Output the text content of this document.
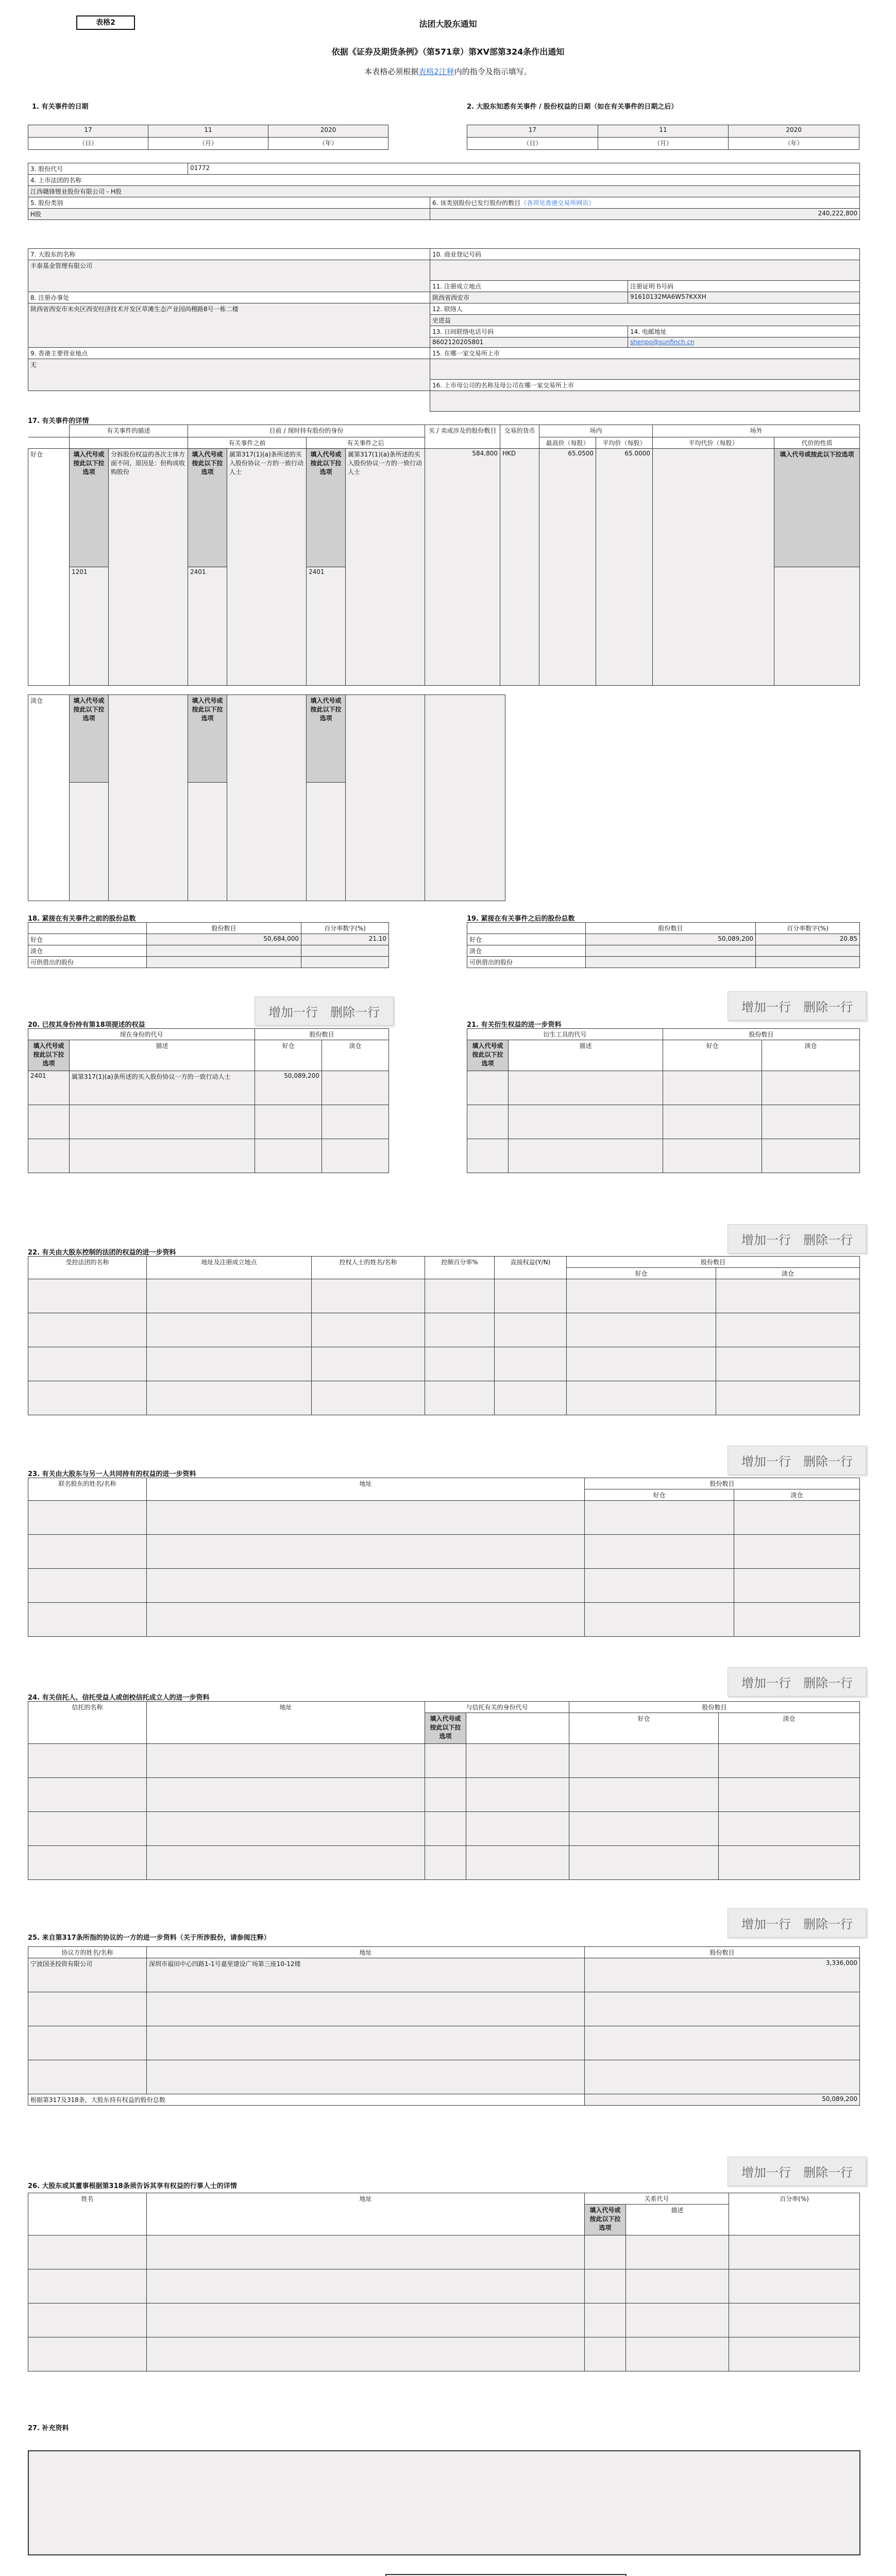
表格2	法团大股东通知
依据《证券及期货条例》（第571章）第XV部第324条作出通知
本表格必须根据表格2注释内的指令及指示填写。
1. 有关事件的日期	2. 大股东知悉有关事件 / 股份权益的日期（如在有关事件的日期之后）
17	11	2020
（日）	（月）	（年）
17	11	2020
（日）	（月）	（年）
3. 股份代号	01772	
4. 上市法团的名称		
江西赣锋锂业股份有限公司 - H股		
5. 股份类别		6. 该类别股份已发行股份的数目（各项见香港交易所网页）
H股		240,222,800
7. 大股东的名称	10. 商业登记号码	
丰泰基金管理有限公司		
	11. 注册成立地点	注册证明书号码
8. 注册办事处	陕西省西安市	91610132MA6W57KXXH
陕西省西安市未央区西安经济技术开发区草滩生态产业园尚稷路8号一栋二楼	12. 联络人	
	史进益	
	13. 日间联络电话号码	14. 电邮地址
	8602120205801	shenpo@sunfinch.cn
9. 香港主要营业地点	15. 在哪一家交易所上市	
无		
	16. 上市母公司的名称及母公司在哪一家交易所上市	

17. 有关事件的详情
	有关事件的描述		目前 / 现时持有股份的身份				买 / 卖或涉及的股份数目	交易的货币	场内		场外	
			有关事件之前		有关事件之后				最高价（每股）	平均价（每股）	平均代价（每股）	代价的性质
好仓	填入代号或按此以下拉选项	分拆股份权益的各次主体方面不同，原因是：但构成收购股份	填入代号或按此以下拉选项	属第317(1)(a)条所述的买入股份协议一方的一致行动人士	填入代号或按此以下拉选项	属第317(1)(a)条所述的买入股份协议一方的一致行动人士	584,800	HKD	65.0500	65.0000		填入代号或按此以下拉选项
	1201		2401		2401							
淡仓	填入代号或按此以下拉选项		填入代号或按此以下拉选项		填入代号或按此以下拉选项		

18. 紧接在有关事件之前的股份总数
	股份数目	百分率数字(%)
好仓	50,684,000	21.10
淡仓		
可供借出的股份		
19. 紧接在有关事件之后的股份总数
	股份数目	百分率数字(%)
好仓	50,089,200	20.85
淡仓		
可供借出的股份		
增加一行 删除一行	增加一行 删除一行
20. 已按其身份持有第18项提述的权益
现在身份的代号		股份数目	
填入代号或按此以下拉选项	描述	好仓	淡仓
2401	属第317(1)(a)条所述的买入股份协议一方的一致行动人士	50,089,200	

21. 有关衍生权益的进一步资料
衍生工具的代号		股份数目	
填入代号或按此以下拉选项	描述	好仓	淡仓

增加一行 删除一行
22. 有关由大股东控制的法团的权益的进一步资料
受控法团的名称	地址及注册成立地点	控权人士的姓名/名称	控制百分率%	直接权益(Y/N)	股份数目	
					好仓	淡仓

增加一行 删除一行
23. 有关由大股东与另一人共同持有的权益的进一步资料
联名股东的姓名/名称	地址	股份数目	
		好仓	淡仓

增加一行 删除一行
24. 有关信托人、信托受益人或创校信托成立人的进一步资料
信托的名称	地址	与信托有关的身份代号		股份数目	
		填入代号或按此以下拉选项		好仓	淡仓

增加一行 删除一行
25. 来自第317条所指的协议的一方的进一步资料（关于所涉股份，请参阅注释）
协议方的姓名/名称	地址	股份数目
宁波国圣投资有限公司	深圳市福田中心四路1-1号嘉里建设广场第三座10-12楼	3,336,000

根据第317及318条，大股东持有权益的股份总数		50,089,200
增加一行 删除一行
26. 大股东或其董事根据第318条须告诉其享有权益的行事人士的详情
姓名	地址	关系代号		百分率(%)
		填入代号或按此以下拉选项	描述	

27. 补充资料
